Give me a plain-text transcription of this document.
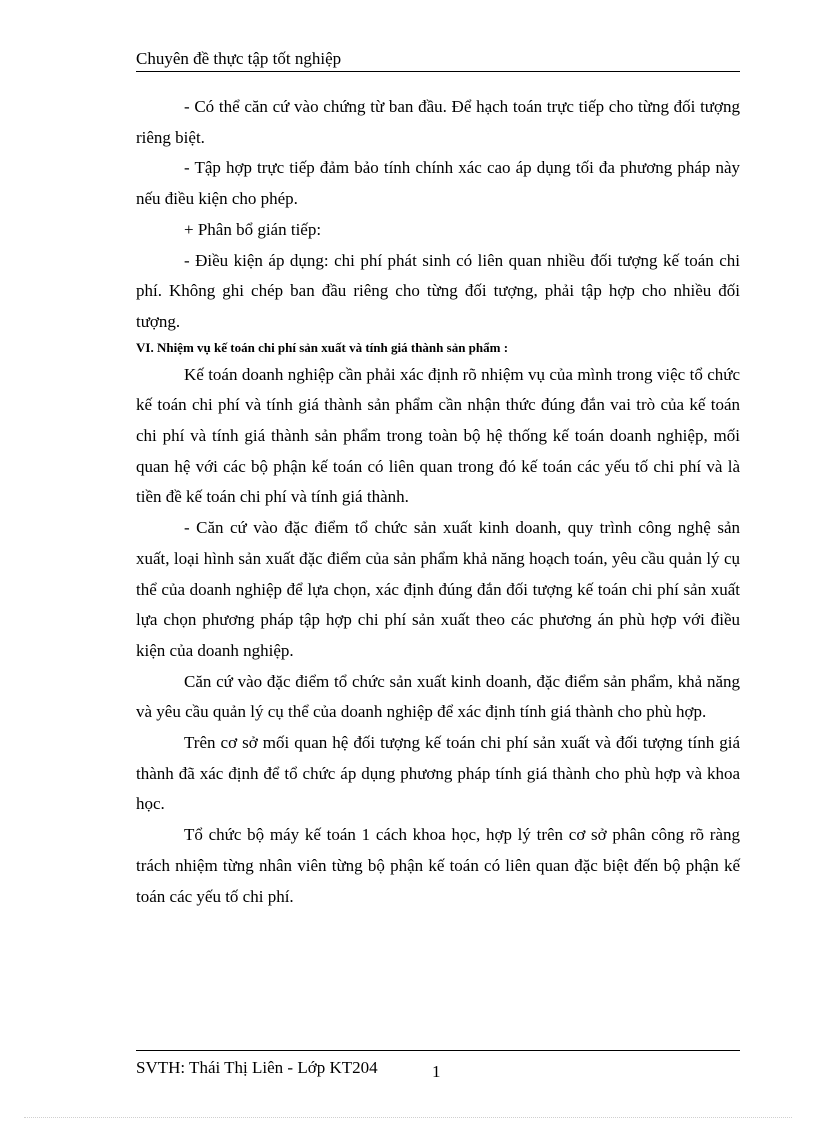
Chuyên đề thực tập tốt nghiệp

- Có thể căn cứ vào chứng từ ban đầu. Để hạch toán trực tiếp cho từng đối tượng riêng biệt.

- Tập hợp trực tiếp đảm bảo tính chính xác cao áp dụng tối đa phương pháp này nếu điều kiện cho phép.

+ Phân bổ gián tiếp:

- Điều kiện áp dụng: chi phí phát sinh có liên quan nhiều đối tượng kế toán chi phí. Không ghi chép ban đầu riêng cho từng đối tượng, phải tập hợp cho nhiều đối tượng.

VI. Nhiệm vụ kế toán chi phí sản xuất và tính giá thành sản phẩm :

Kế toán doanh nghiệp cần phải xác định rõ nhiệm vụ của mình trong việc tổ chức kế toán chi phí và tính giá thành sản phẩm cần nhận thức đúng đắn vai trò của kế toán chi phí và tính giá thành sản phẩm trong toàn bộ hệ thống kế toán doanh nghiệp, mối quan hệ với các bộ phận kế toán có liên quan trong đó kế toán các yếu tố chi phí và là tiền đề kế toán chi phí và tính giá thành.

- Căn cứ vào đặc điểm tổ chức sản xuất kinh doanh, quy trình công nghệ sản xuất, loại hình sản xuất đặc điểm của sản phẩm khả năng hoạch toán, yêu cầu quản lý cụ thể của doanh nghiệp để lựa chọn, xác định đúng đắn đối tượng kế toán chi phí sản xuất lựa chọn phương pháp tập hợp chi phí sản xuất theo các phương án phù hợp với điều kiện của doanh nghiệp.

Căn cứ vào đặc điểm tổ chức sản xuất kinh doanh, đặc điểm sản phẩm, khả năng và yêu cầu quản lý cụ thể của doanh nghiệp để xác định tính giá thành cho phù hợp.

Trên cơ sở mối quan hệ đối tượng kế toán chi phí sản xuất và đối tượng tính giá thành đã xác định để tổ chức áp dụng phương pháp tính giá thành cho phù hợp và khoa học.

Tổ chức bộ máy kế toán 1 cách khoa học, hợp lý trên cơ sở phân công rõ ràng trách nhiệm từng nhân viên từng bộ phận kế toán có liên quan đặc biệt đến bộ phận kế toán các yếu tố chi phí.

SVTH: Thái Thị Liên - Lớp KT204	1
